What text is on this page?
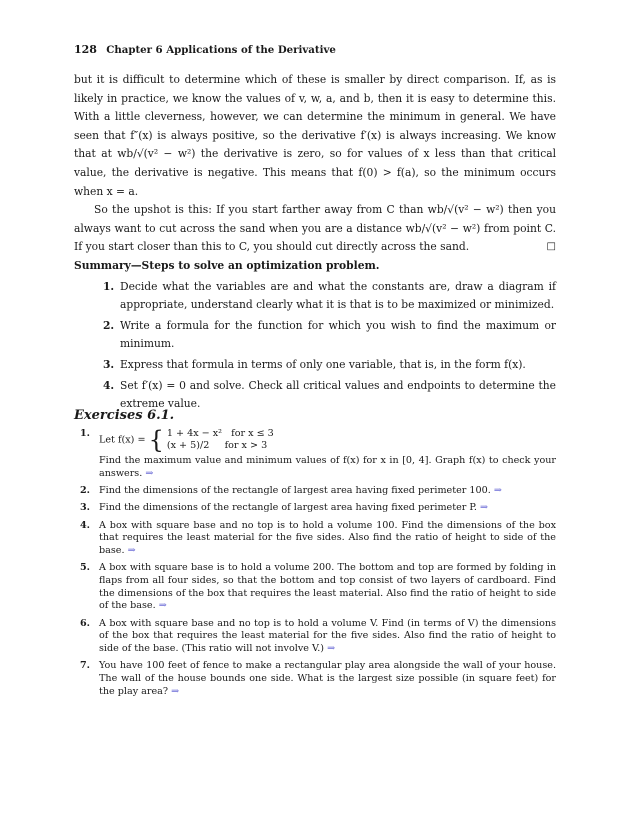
128 Chapter 6 Applications of the Derivative

but it is difficult to determine which of these is smaller by direct comparison. If, as is likely in practice, we know the values of v, w, a, and b, then it is easy to determine this. With a little cleverness, however, we can determine the minimum in general. We have seen that f″(x) is always positive, so the derivative f′(x) is always increasing. We know that at wb/√(v² − w²) the derivative is zero, so for values of x less than that critical value, the derivative is negative. This means that f(0) > f(a), so the minimum occurs when x = a.

So the upshot is this: If you start farther away from C than wb/√(v² − w²) then you always want to cut across the sand when you are a distance wb/√(v² − w²) from point C. If you start closer than this to C, you should cut directly across the sand.	□

Summary—Steps to solve an optimization problem.

1. Decide what the variables are and what the constants are, draw a diagram if appropriate, understand clearly what it is that is to be maximized or minimized.
2. Write a formula for the function for which you wish to find the maximum or minimum.
3. Express that formula in terms of only one variable, that is, in the form f(x).
4. Set f′(x) = 0 and solve. Check all critical values and endpoints to determine the extreme value.
Exercises 6.1.
1.
Let f(x) = { 1 + 4x − x² for x ≤ 3
(x + 5)/2 for x > 3
Find the maximum value and minimum values of f(x) for x in [0, 4]. Graph f(x) to check your answers. ⇒
2. Find the dimensions of the rectangle of largest area having fixed perimeter 100. ⇒
3. Find the dimensions of the rectangle of largest area having fixed perimeter P. ⇒
4. A box with square base and no top is to hold a volume 100. Find the dimensions of the box that requires the least material for the five sides. Also find the ratio of height to side of the base. ⇒
5. A box with square base is to hold a volume 200. The bottom and top are formed by folding in flaps from all four sides, so that the bottom and top consist of two layers of cardboard. Find the dimensions of the box that requires the least material. Also find the ratio of height to side of the base. ⇒
6. A box with square base and no top is to hold a volume V. Find (in terms of V) the dimensions of the box that requires the least material for the five sides. Also find the ratio of height to side of the base. (This ratio will not involve V.) ⇒
7. You have 100 feet of fence to make a rectangular play area alongside the wall of your house. The wall of the house bounds one side. What is the largest size possible (in square feet) for the play area? ⇒
